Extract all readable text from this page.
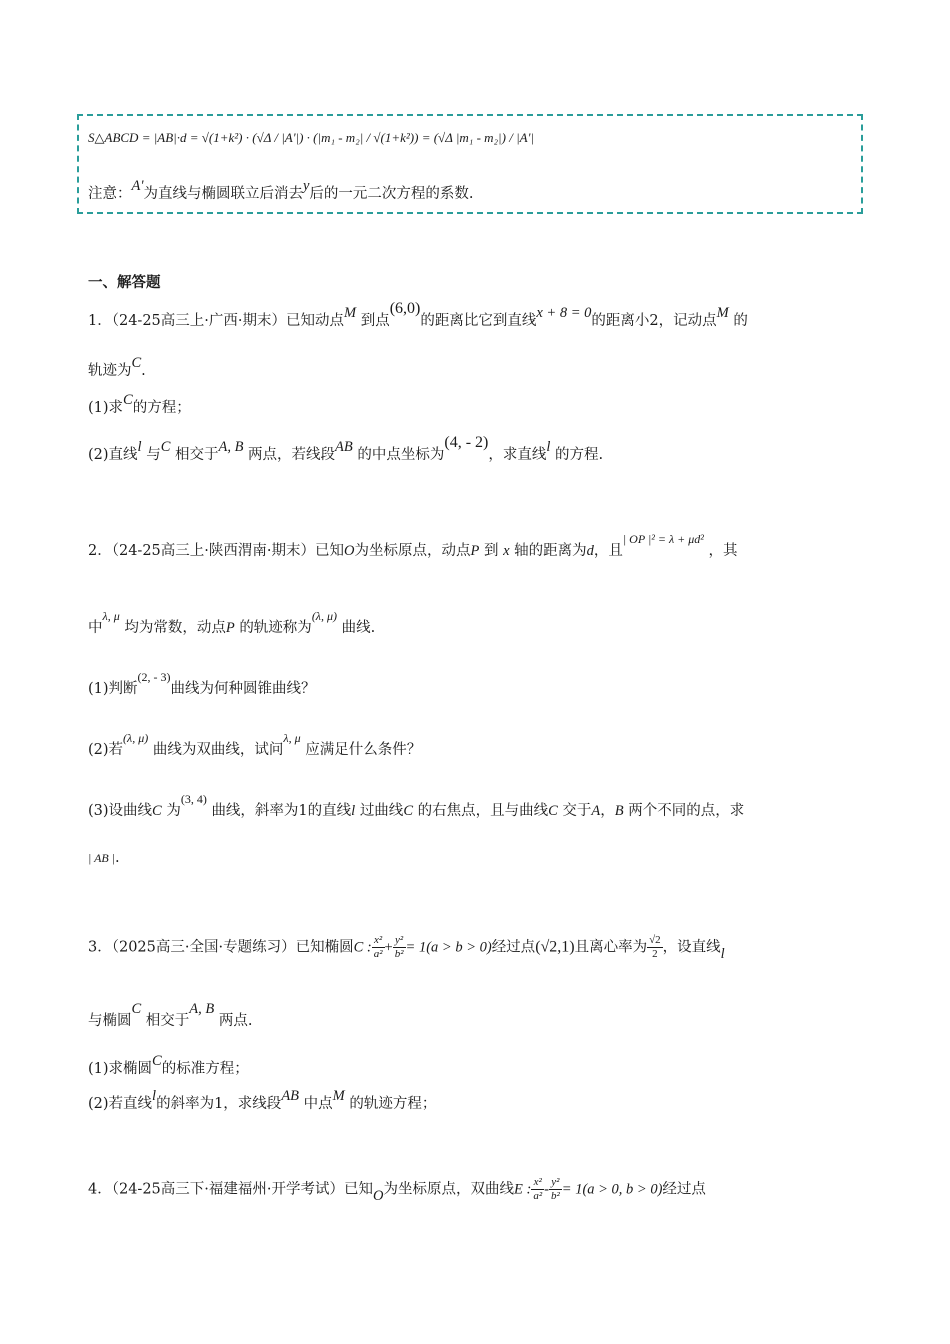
S△ABCD = |AB|·d = √(1+k²) · (√Δ / |A'|) · (|m₁ - m₂| / √(1+k²)) = (√Δ |m₁ - m₂|) / |A'|
注意：A'为直线与椭圆联立后消去y后的一元二次方程的系数.
一、解答题
1．（24-25高三上·广西·期末）已知动点M 到点(6,0)的距离比它到直线x + 8 = 0的距离小2，记动点M 的
轨迹为C.
(1)求C的方程；
(2)直线l 与C 相交于A, B 两点，若线段AB 的中点坐标为(4, - 2)，求直线l 的方程.
2．（24-25高三上·陕西渭南·期末）已知O为坐标原点，动点P 到 x 轴的距离为d，且$^{| OP |^2 = \lambda + \mu d^2}$ ，其
中$^{\lambda, \mu}$ 均为常数，动点P 的轨迹称为$^{(\lambda, \mu)}$ 曲线.
(1)判断$^{(2, - 3)}$曲线为何种圆锥曲线？
(2)若$^{(\lambda, \mu)}$ 曲线为双曲线，试问$^{\lambda, \mu}$ 应满足什么条件？
(3)设曲线C 为$^{(3, 4)}$ 曲线，斜率为1的直线l 过曲线C 的右焦点，且与曲线C 交于A，B 两个不同的点，求
| AB |.
3．（2025高三·全国·专题练习）已知椭圆C : $\frac{\text{x²}}{\text{a²}} + \frac{\text{y²}}{\text{b²}} = 1(a > b > 0)$经过点(√2,1)且离心率为 $\frac{√2}{2}$ ，设直线l
与椭圆C 相交于A, B 两点.
(1)求椭圆C的标准方程；
(2)若直线l的斜率为1，求线段AB 中点M 的轨迹方程；
4．（24-25高三下·福建福州·开学考试）已知O为坐标原点，双曲线E : $\frac{\text{x²}}{\text{a²}} - \frac{\text{y²}}{\text{b²}} = 1(a > 0$, b > 0)经过点
